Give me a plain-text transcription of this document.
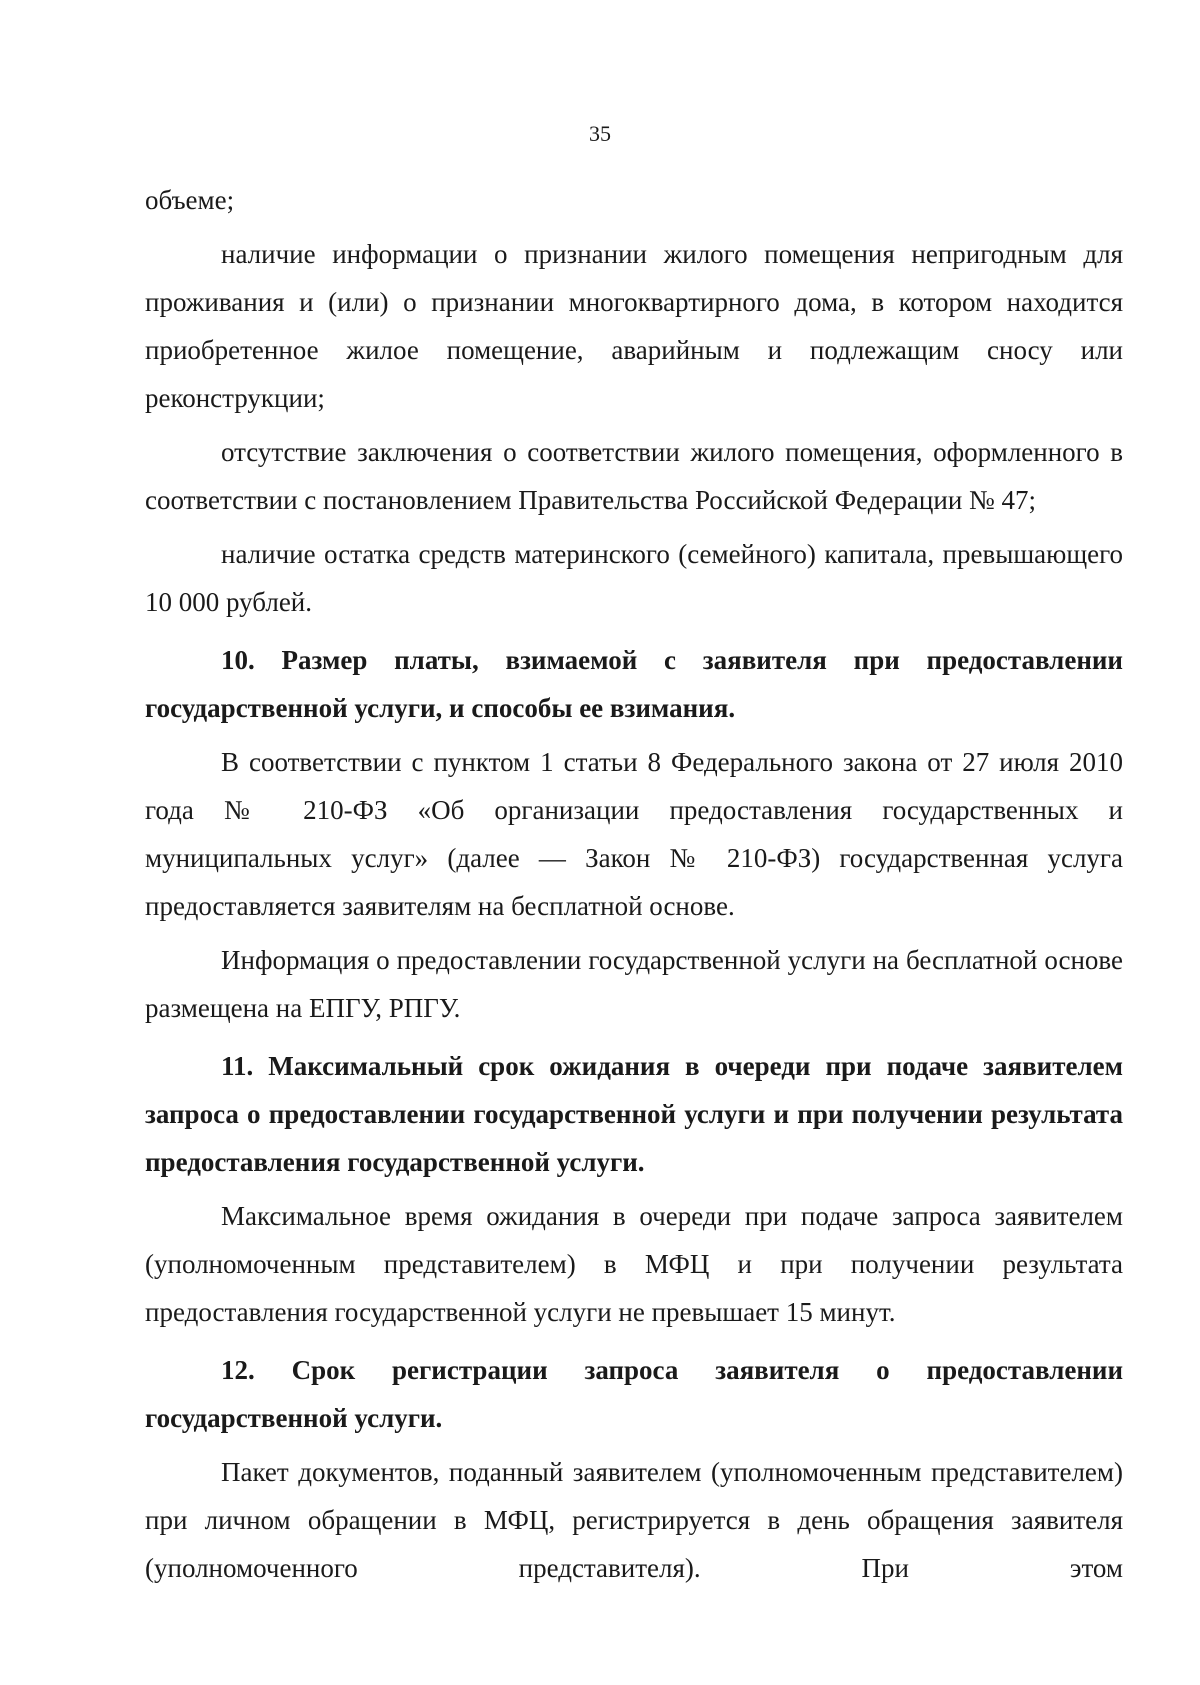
35

объеме;

наличие информации о признании жилого помещения непригодным для проживания и (или) о признании многоквартирного дома, в котором находится приобретенное жилое помещение, аварийным и подлежащим сносу или реконструкции;

отсутствие заключения о соответствии жилого помещения, оформленного в соответствии с постановлением Правительства Российской Федерации № 47;

наличие остатка средств материнского (семейного) капитала, превышающего 10 000 рублей.

10. Размер платы, взимаемой с заявителя при предоставлении государственной услуги, и способы ее взимания.

В соответствии с пунктом 1 статьи 8 Федерального закона от 27 июля 2010 года № 210-ФЗ «Об организации предоставления государственных и муниципальных услуг» (далее — Закон № 210-ФЗ) государственная услуга предоставляется заявителям на бесплатной основе.

Информация о предоставлении государственной услуги на бесплатной основе размещена на ЕПГУ, РПГУ.

11. Максимальный срок ожидания в очереди при подаче заявителем запроса о предоставлении государственной услуги и при получении результата предоставления государственной услуги.

Максимальное время ожидания в очереди при подаче запроса заявителем (уполномоченным представителем) в МФЦ и при получении результата предоставления государственной услуги не превышает 15 минут.

12. Срок регистрации запроса заявителя о предоставлении государственной услуги.

Пакет документов, поданный заявителем (уполномоченным представителем) при личном обращении в МФЦ, регистрируется в день обращения заявителя (уполномоченного представителя). При этом
